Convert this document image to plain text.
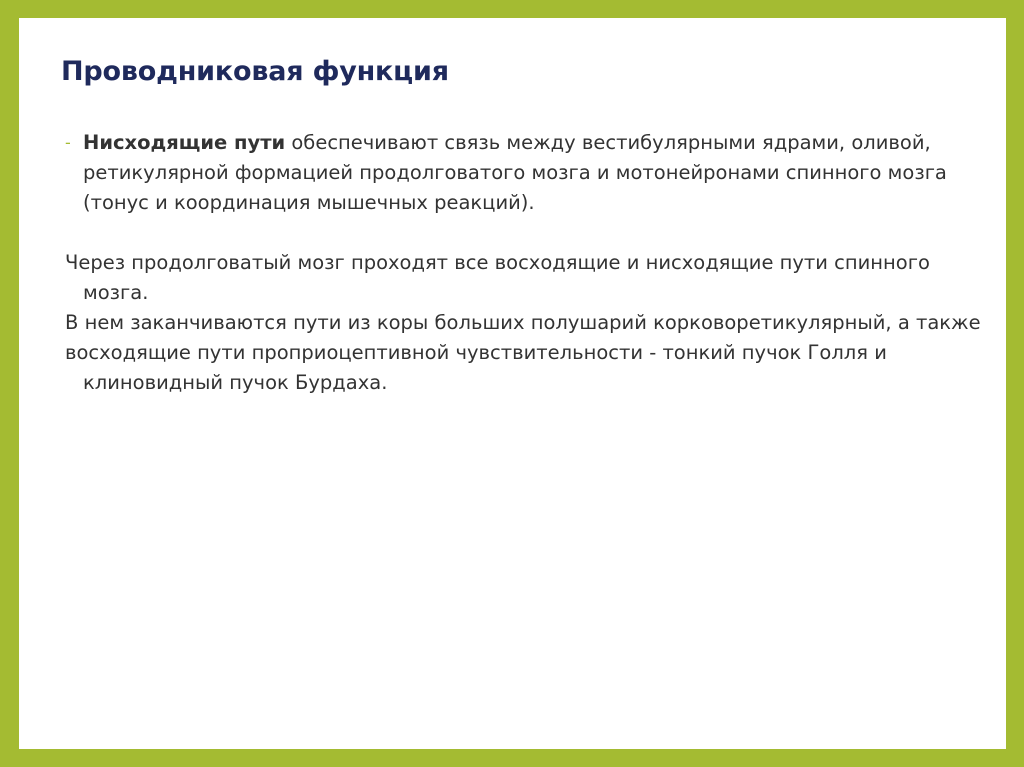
Проводниковая функция

- Нисходящие пути обеспечивают связь между вестибулярными ядрами, оливой, ретикулярной формацией продолговатого мозга и мотонейронами спинного мозга (тонус и координация мышечных реакций).

Через продолговатый мозг проходят все восходящие и нисходящие пути спинного мозга.

В нем заканчиваются пути из коры больших полушарий корковоретикулярный, а также

восходящие пути проприоцептивной чувствительности - тонкий пучок Голля и клиновидный пучок Бурдаха.
